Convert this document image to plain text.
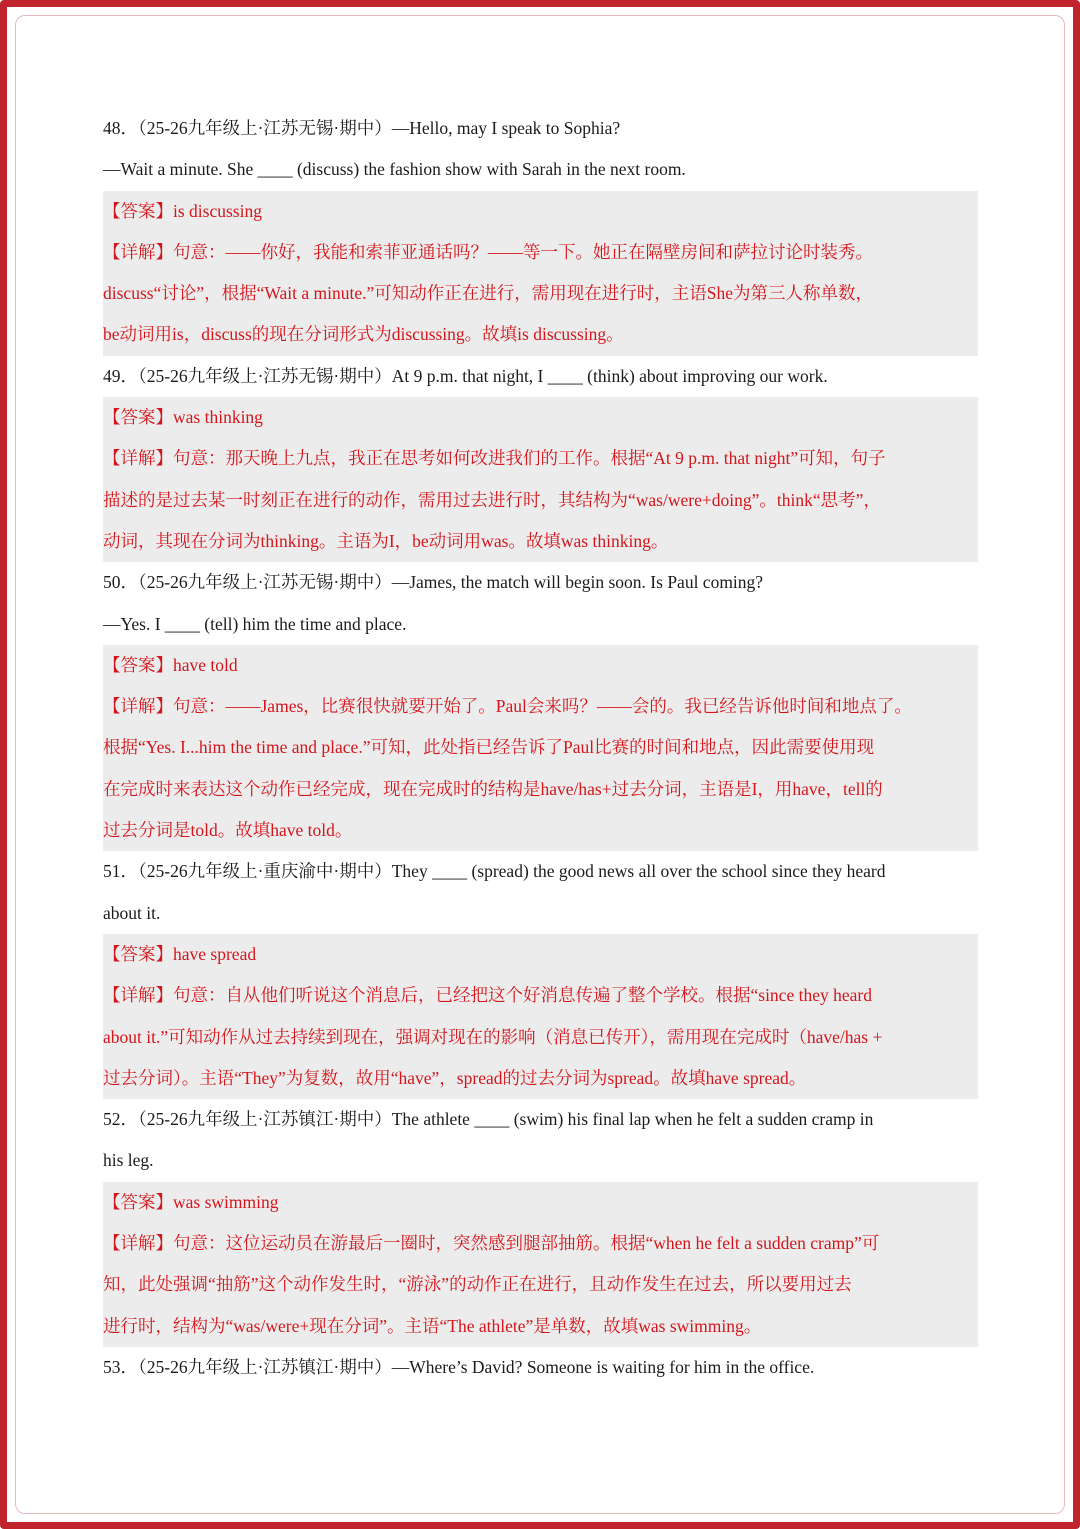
48．（25-26九年级上·江苏无锡·期中）—Hello, may I speak to Sophia?
—Wait a minute. She ____ (discuss) the fashion show with Sarah in the next room.
【答案】is discussing
【详解】句意：——你好，我能和索菲亚通话吗？——等一下。她正在隔壁房间和萨拉讨论时装秀。
discuss“讨论”，根据“Wait a minute.”可知动作正在进行，需用现在进行时，主语She为第三人称单数，
be动词用is，discuss的现在分词形式为discussing。故填is discussing。
49．（25-26九年级上·江苏无锡·期中）At 9 p.m. that night, I ____ (think) about improving our work.
【答案】was thinking
【详解】句意：那天晚上九点，我正在思考如何改进我们的工作。根据“At 9 p.m. that night”可知，句子
描述的是过去某一时刻正在进行的动作，需用过去进行时，其结构为“was/were+doing”。think“思考”，
动词，其现在分词为thinking。主语为I，be动词用was。故填was thinking。
50．（25-26九年级上·江苏无锡·期中）—James, the match will begin soon. Is Paul coming?
—Yes. I ____ (tell) him the time and place.
【答案】have told
【详解】句意：——James，比赛很快就要开始了。Paul会来吗？——会的。我已经告诉他时间和地点了。
根据“Yes. I...him the time and place.”可知，此处指已经告诉了Paul比赛的时间和地点，因此需要使用现
在完成时来表达这个动作已经完成，现在完成时的结构是have/has+过去分词，主语是I，用have，tell的
过去分词是told。故填have told。
51．（25-26九年级上·重庆渝中·期中）They ____ (spread) the good news all over the school since they heard
about it.
【答案】have spread
【详解】句意：自从他们听说这个消息后，已经把这个好消息传遍了整个学校。根据“since they heard
about it.”可知动作从过去持续到现在，强调对现在的影响（消息已传开），需用现在完成时（have/has +
过去分词）。主语“They”为复数，故用“have”，spread的过去分词为spread。故填have spread。
52．（25-26九年级上·江苏镇江·期中）The athlete ____ (swim) his final lap when he felt a sudden cramp in
his leg.
【答案】was swimming
【详解】句意：这位运动员在游最后一圈时，突然感到腿部抽筋。根据“when he felt a sudden cramp”可
知，此处强调“抽筋”这个动作发生时，“游泳”的动作正在进行，且动作发生在过去，所以要用过去
进行时，结构为“was/were+现在分词”。主语“The athlete”是单数，故填was swimming。
53．（25-26九年级上·江苏镇江·期中）—Where’s David? Someone is waiting for him in the office.
